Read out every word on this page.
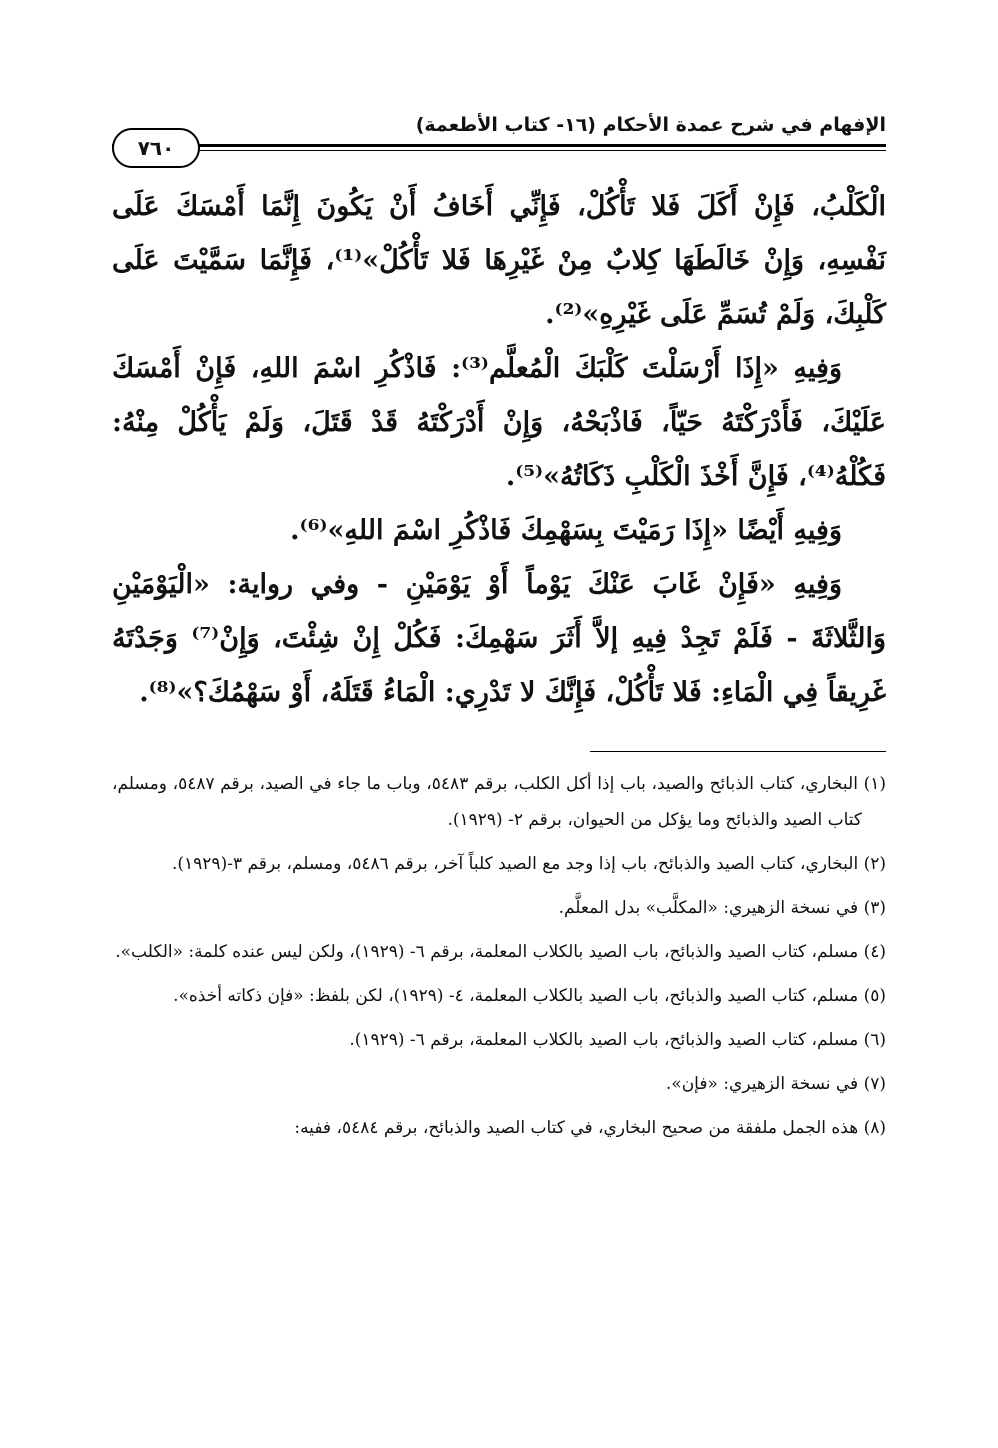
الإفهام في شرح عمدة الأحكام (١٦- كتاب الأطعمة)
٧٦٠

الْكَلْبُ، فَإِنْ أَكَلَ فَلا تَأْكُلْ، فَإِنِّي أَخَافُ أَنْ يَكُونَ إِنَّمَا أَمْسَكَ عَلَى نَفْسِهِ، وَإِنْ خَالَطَهَا كِلابٌ مِنْ غَيْرِهَا فَلا تَأْكُلْ»⁽¹⁾، فَإِنَّمَا سَمَّيْتَ عَلَى كَلْبِكَ، وَلَمْ تُسَمِّ عَلَى غَيْرِهِ»⁽²⁾.

وَفِيهِ «إِذَا أَرْسَلْتَ كَلْبَكَ الْمُعلَّم⁽³⁾: فَاذْكُرِ اسْمَ اللهِ، فَإِنْ أَمْسَكَ عَلَيْكَ، فَأَدْرَكْتَهُ حَيّاً، فَاذْبَحْهُ، وَإِنْ أَدْرَكْتَهُ قَدْ قَتَلَ، وَلَمْ يَأْكُلْ مِنْهُ: فَكُلْهُ⁽⁴⁾، فَإِنَّ أَخْذَ الْكَلْبِ ذَكَاتُهُ»⁽⁵⁾.

وَفِيهِ أَيْضًا «إِذَا رَمَيْتَ بِسَهْمِكَ فَاذْكُرِ اسْمَ اللهِ»⁽⁶⁾.

وَفِيهِ «فَإِنْ غَابَ عَنْكَ يَوْماً أَوْ يَوْمَيْنِ - وفي رواية: «الْيَوْمَيْنِ وَالثَّلاثَةَ - فَلَمْ تَجِدْ فِيهِ إلاَّ أَثَرَ سَهْمِكَ: فَكُلْ إِنْ شِئْتَ، وَإِنْ⁽⁷⁾ وَجَدْتَهُ غَرِيقاً فِي الْمَاءِ: فَلا تَأْكُلْ، فَإِنَّكَ لا تَدْرِي: الْمَاءُ قَتَلَهُ، أَوْ سَهْمُكَ؟»⁽⁸⁾.

(١) البخاري، كتاب الذبائح والصيد، باب إذا أكل الكلب، برقم ٥٤٨٣، وباب ما جاء في الصيد، برقم ٥٤٨٧، ومسلم، كتاب الصيد والذبائح وما يؤكل من الحيوان، برقم ٢- (١٩٢٩).

(٢) البخاري، كتاب الصيد والذبائح، باب إذا وجد مع الصيد كلباً آخر، برقم ٥٤٨٦، ومسلم، برقم ٣-(١٩٢٩).

(٣) في نسخة الزهيري: «المكلَّب» بدل المعلَّم.

(٤) مسلم، كتاب الصيد والذبائح، باب الصيد بالكلاب المعلمة، برقم ٦- (١٩٢٩)، ولكن ليس عنده كلمة: «الكلب».

(٥) مسلم، كتاب الصيد والذبائح، باب الصيد بالكلاب المعلمة، ٤- (١٩٢٩)، لكن بلفظ: «فإن ذكاته أخذه».

(٦) مسلم، كتاب الصيد والذبائح، باب الصيد بالكلاب المعلمة، برقم ٦- (١٩٢٩).

(٧) في نسخة الزهيري: «فإن».

(٨) هذه الجمل ملفقة من صحيح البخاري، في كتاب الصيد والذبائح، برقم ٥٤٨٤، ففيه:
